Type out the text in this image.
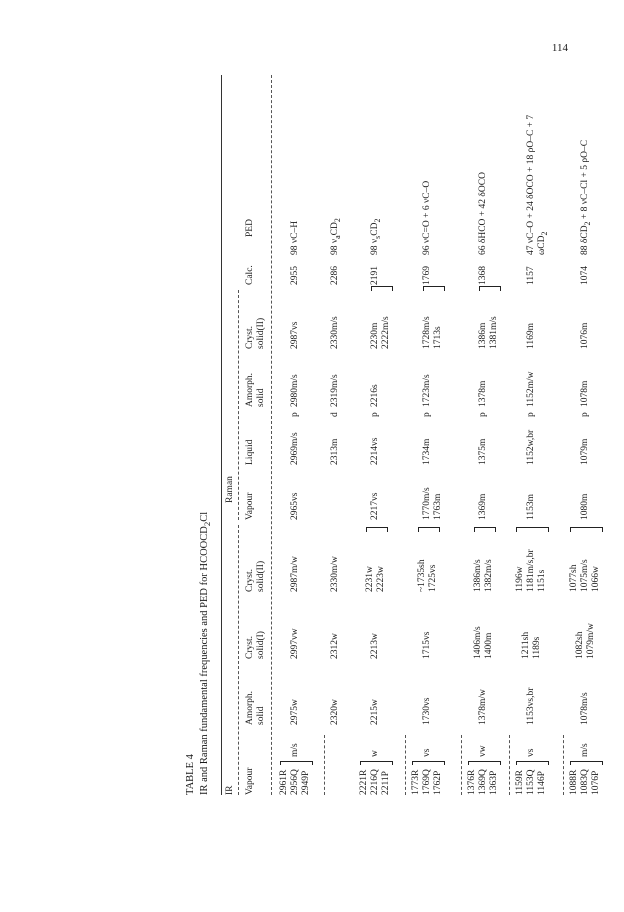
114
TABLE 4 IR and Raman fundamental frequencies and PED for $HCOOCD_2Cl$
IR
Raman
Vapour
Amorph. solid
Cryst. solid(I)
Cryst. solid(II)
Vapour
Liquid
Amorph. solid
Cryst. solid(II)
Calc.
PED
2961R 2956Q 2949P
m/s
2975w
2997vw
2987m/w
2965vs
2969m/s
p
2980m/s
2987vs
2955
98 νC–H
2320w
2312w
2330m/w
2313m
d
2319m/s
2330m/s
2286
98 $\nu_aCD_2$
2221R 2216Q 2211P
w
2215w
2213w
2231w 2223w
2217vs
2214vs
p
2216s
2230m 2222m/s
2191
98 $\nu_sCD_2$
1773R 1769Q 1762P
vs
1730vs
1715vs
~1735sh 1725vs
1770m/s 1763m
1734m
p
1723m/s
1728m/s 1713s
1769
96 νC=O + 6 νC–O
1376R 1369Q 1363P
vw
1378m/w
1406m/s 1400m
1386m/s 1382m/s
1369m
1375m
p
1378m
1386m 1381m/s
1368
66 δHCO + 42 δOCO
1159R 1153Q 1146P
vs
1153vs,br
1211sh 1189s
1196w 1181m/s,br 1151s
1153m
1152w,br
p
1152m/w
1169m
1157
47 νC–O + 24 δOCO + 18 ρO–C + 7 ωCD$_2$
1088R 1083Q 1076P
m/s
1078m/s
1082sh 1079m/w
1077sh 1075m/s 1066w
1080m
1079m
p
1078m
1076m
1074
88 δCD$_2$ + 8 νC–Cl + 5 ρO–C
